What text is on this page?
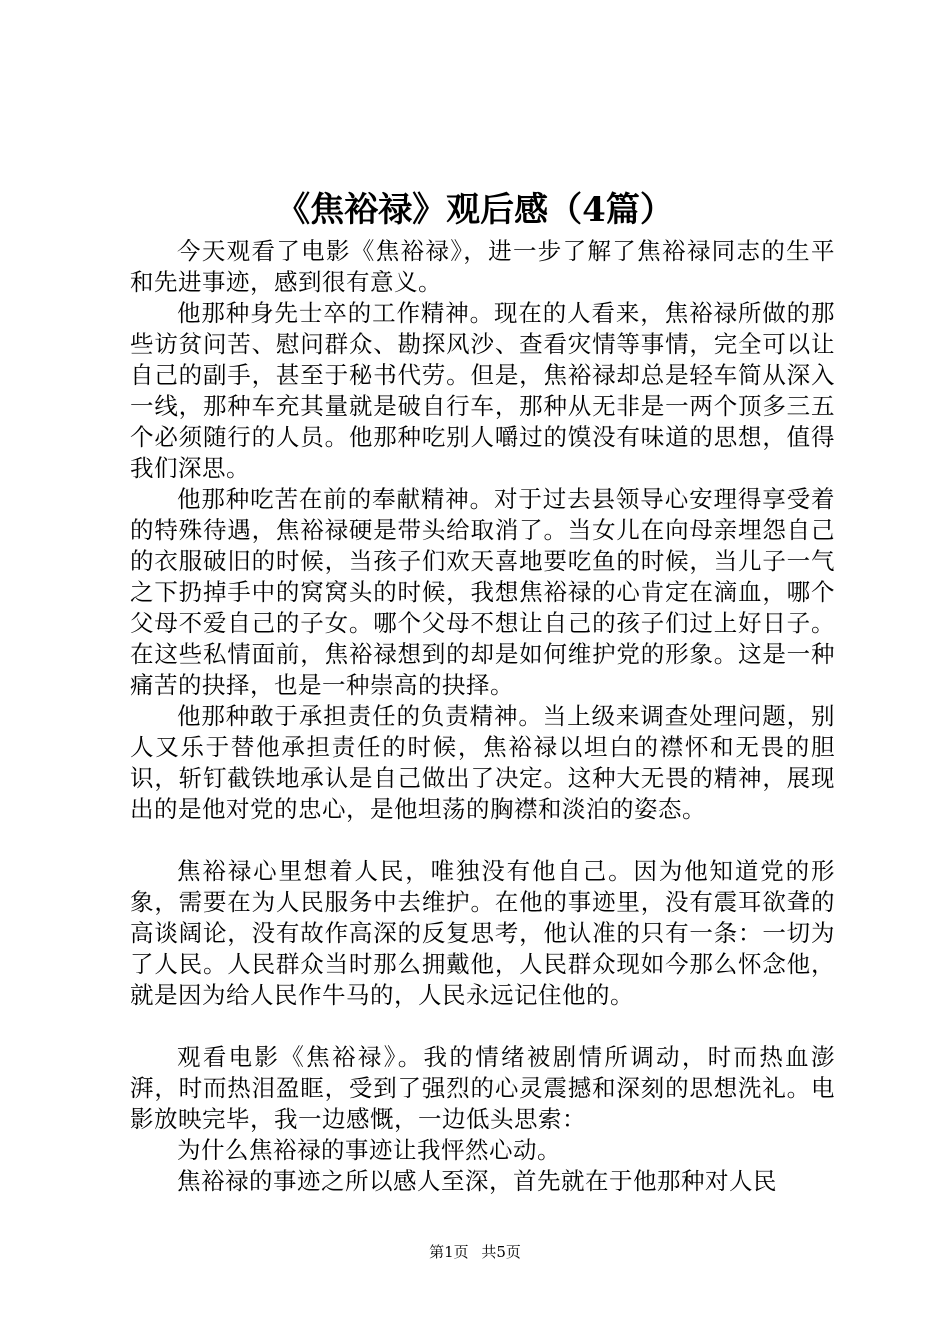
《焦裕禄》观后感（4篇）

今天观看了电影《焦裕禄》，进一步了解了焦裕禄同志的生平和先进事迹，感到很有意义。

他那种身先士卒的工作精神。现在的人看来，焦裕禄所做的那些访贫问苦、慰问群众、勘探风沙、查看灾情等事情，完全可以让自己的副手，甚至于秘书代劳。但是，焦裕禄却总是轻车简从深入一线，那种车充其量就是破自行车，那种从无非是一两个顶多三五个必须随行的人员。他那种吃别人嚼过的馍没有味道的思想，值得我们深思。

他那种吃苦在前的奉献精神。对于过去县领导心安理得享受着的特殊待遇，焦裕禄硬是带头给取消了。当女儿在向母亲埋怨自己的衣服破旧的时候，当孩子们欢天喜地要吃鱼的时候，当儿子一气之下扔掉手中的窝窝头的时候，我想焦裕禄的心肯定在滴血，哪个父母不爱自己的子女。哪个父母不想让自己的孩子们过上好日子。在这些私情面前，焦裕禄想到的却是如何维护党的形象。这是一种痛苦的抉择，也是一种崇高的抉择。

他那种敢于承担责任的负责精神。当上级来调查处理问题，别人又乐于替他承担责任的时候，焦裕禄以坦白的襟怀和无畏的胆识，斩钉截铁地承认是自己做出了决定。这种大无畏的精神，展现出的是他对党的忠心，是他坦荡的胸襟和淡泊的姿态。

焦裕禄心里想着人民，唯独没有他自己。因为他知道党的形象，需要在为人民服务中去维护。在他的事迹里，没有震耳欲聋的高谈阔论，没有故作高深的反复思考，他认准的只有一条：一切为了人民。人民群众当时那么拥戴他，人民群众现如今那么怀念他，就是因为给人民作牛马的，人民永远记住他的。

观看电影《焦裕禄》。我的情绪被剧情所调动，时而热血澎湃，时而热泪盈眶，受到了强烈的心灵震撼和深刻的思想洗礼。电影放映完毕，我一边感慨，一边低头思索：

为什么焦裕禄的事迹让我怦然心动。

焦裕禄的事迹之所以感人至深，首先就在于他那种对人民

第1页 共5页
